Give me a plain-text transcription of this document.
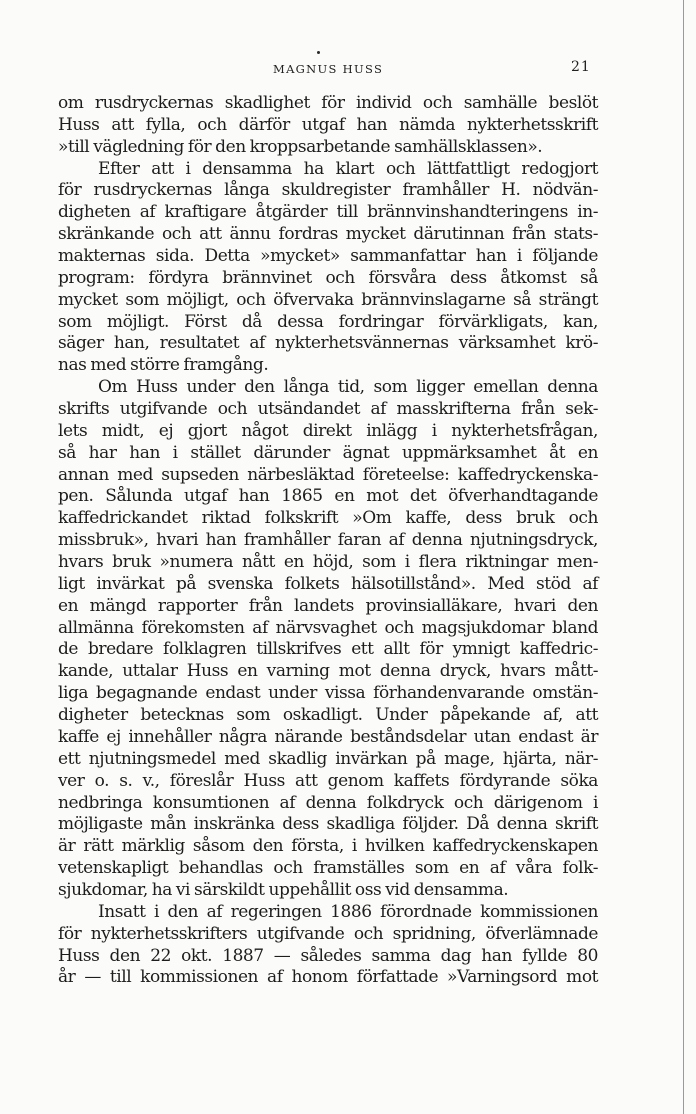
MAGNUS HUSS	21
om rusdryckernas skadlighet för individ och samhälle beslöt
Huss att fylla, och därför utgaf han nämda nykterhetsskrift
»till vägledning för den kroppsarbetande samhällsklassen».
Efter att i densamma ha klart och lättfattligt redogjort
för rusdryckernas långa skuldregister framhåller H. nödvän-
digheten af kraftigare åtgärder till brännvinshandteringens in-
skränkande och att ännu fordras mycket därutinnan från stats-
makternas sida. Detta »mycket» sammanfattar han i följande
program: fördyra brännvinet och försvåra dess åtkomst så
mycket som möjligt, och öfvervaka brännvinslagarne så strängt
som möjligt. Först då dessa fordringar förvärkligats, kan,
säger han, resultatet af nykterhetsvännernas värksamhet krö-
nas med större framgång.
Om Huss under den långa tid, som ligger emellan denna
skrifts utgifvande och utsändandet af masskrifterna från sek-
lets midt, ej gjort något direkt inlägg i nykterhetsfrågan,
så har han i stället därunder ägnat uppmärksamhet åt en
annan med supseden närbesläktad företeelse: kaffedryckenska-
pen. Sålunda utgaf han 1865 en mot det öfverhandtagande
kaffedrickandet riktad folkskrift »Om kaffe, dess bruk och
missbruk», hvari han framhåller faran af denna njutningsdryck,
hvars bruk »numera nått en höjd, som i flera riktningar men-
ligt invärkat på svenska folkets hälsotillstånd». Med stöd af
en mängd rapporter från landets provinsialläkare, hvari den
allmänna förekomsten af närvsvaghet och magsjukdomar bland
de bredare folklagren tillskrifves ett allt för ymnigt kaffedric-
kande, uttalar Huss en varning mot denna dryck, hvars mått-
liga begagnande endast under vissa förhandenvarande omstän-
digheter betecknas som oskadligt. Under påpekande af, att
kaffe ej innehåller några närande beståndsdelar utan endast är
ett njutningsmedel med skadlig invärkan på mage, hjärta, när-
ver o. s. v., föreslår Huss att genom kaffets fördyrande söka
nedbringa konsumtionen af denna folkdryck och därigenom i
möjligaste mån inskränka dess skadliga följder. Då denna skrift
är rätt märklig såsom den första, i hvilken kaffedryckenskapen
vetenskapligt behandlas och framställes som en af våra folk-
sjukdomar, ha vi särskildt uppehållit oss vid densamma.
Insatt i den af regeringen 1886 förordnade kommissionen
för nykterhetsskrifters utgifvande och spridning, öfverlämnade
Huss den 22 okt. 1887 — således samma dag han fyllde 80
år — till kommissionen af honom författade »Varningsord mot
